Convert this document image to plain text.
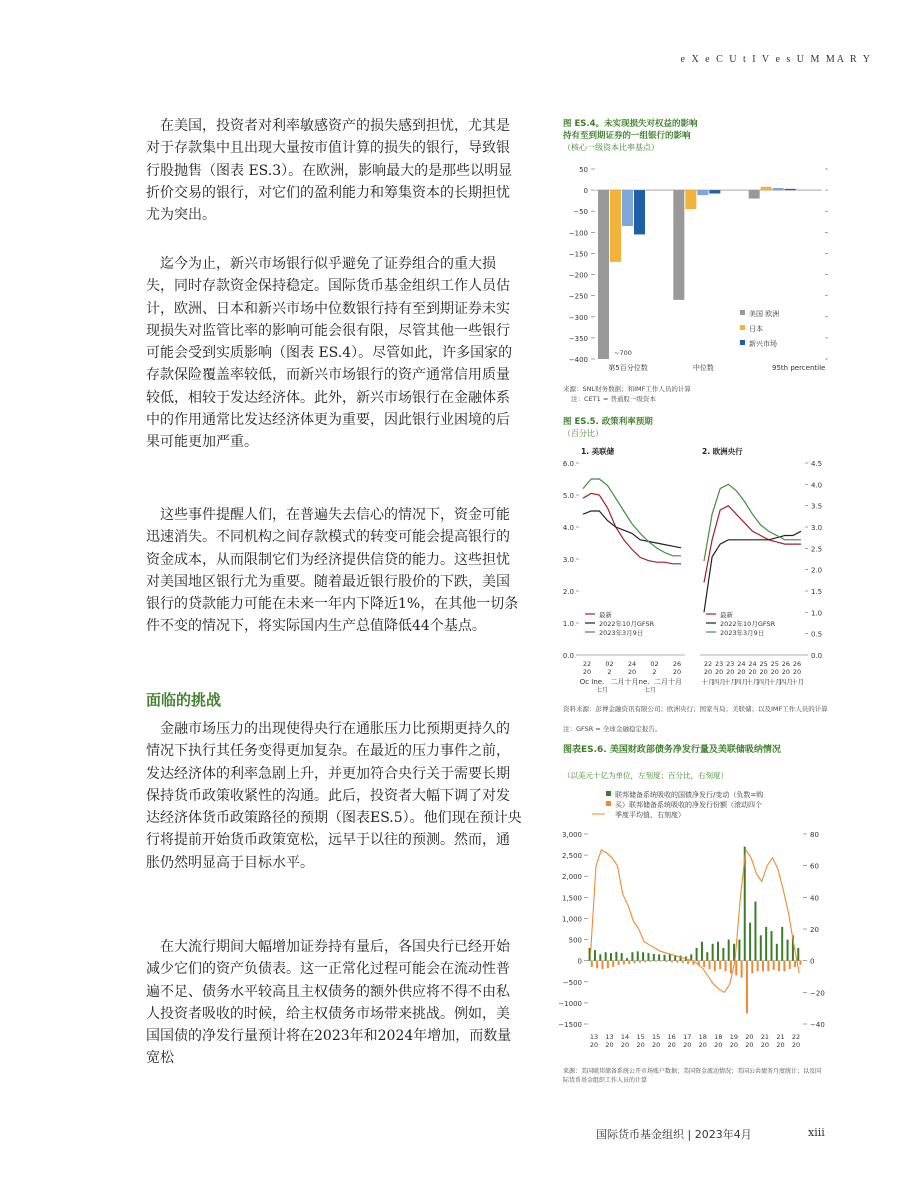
e X e C U t I V e s U M MA R Y

在美国，投资者对利率敏感资产的损失感到担忧，尤其是对于存款集中且出现大量按市值计算的损失的银行，导致银行股抛售（图表 ES.3）。在欧洲，影响最大的是那些以明显折价交易的银行，对它们的盈利能力和筹集资本的长期担忧尤为突出。

迄今为止，新兴市场银行似乎避免了证券组合的重大损失，同时存款资金保持稳定。国际货币基金组织工作人员估计，欧洲、日本和新兴市场中位数银行持有至到期证券未实现损失对监管比率的影响可能会很有限，尽管其他一些银行可能会受到实质影响（图表 ES.4）。尽管如此，许多国家的存款保险覆盖率较低，而新兴市场银行的资产通常信用质量较低，相较于发达经济体。此外，新兴市场银行在金融体系中的作用通常比发达经济体更为重要，因此银行业困境的后果可能更加严重。

这些事件提醒人们，在普遍失去信心的情况下，资金可能迅速消失。不同机构之间存款模式的转变可能会提高银行的资金成本，从而限制它们为经济提供信贷的能力。这些担忧对美国地区银行尤为重要。随着最近银行股价的下跌，美国银行的贷款能力可能在未来一年内下降近1%，在其他一切条件不变的情况下，将实际国内生产总值降低44个基点。

面临的挑战

金融市场压力的出现使得央行在通胀压力比预期更持久的情况下执行其任务变得更加复杂。在最近的压力事件之前，发达经济体的利率急剧上升，并更加符合央行关于需要长期保持货币政策收紧性的沟通。此后，投资者大幅下调了对发达经济体货币政策路径的预期（图表ES.5）。他们现在预计央行将提前开始货币政策宽松，远早于以往的预测。然而，通胀仍然明显高于目标水平。

在大流行期间大幅增加证券持有量后，各国央行已经开始减少它们的资产负债表。这一正常化过程可能会在流动性普遍不足、债务水平较高且主权债务的额外供应将不得不由私人投资者吸收的时候，给主权债务市场带来挑战。例如，美国国债的净发行量预计将在2023年和2024年增加，而数量宽松

图 ES.4。未实现损失对权益的影响
持有至到期证券的一组银行的影响
（核心一级资本比率基点）
50
0
−50
−100
−150
−200
−250
−300
−350
−400
第5百分位数	中位数	95th percentile
~700
美国 欧洲
日本
新兴市场
来源：SNL财务数据；和IMF工作人员的计算
注：CET1 = 普通股一级资本
图 ES.5. 政策利率预期
（百分比）
1. 美联储
6.0
5.0
4.0
3.0
2.0
1.0
0.0
最新
2022年10月GFSR
2023年3月9日
22
20
02
2
24
20
02
2
26
20
2. 欧洲央行
4.5
4.0
3.5
3.0
2.5
2.0
1.5
1.0
0.5
0.0
最新
2022年10月GFSR
2023年3月9日
22
20
23
20
23
20
24
20
24
20
25
20
25
20
26
20
26
20
Oc Ine. 二月十月ne. 二月十月
七月	七月
十月
四月
十月
四月
十月
四月
十月
四月
十月
资料来源：彭博金融资讯有限公司；欧洲央行；国家当局；美联储；以及IMF工作人员的计算
注：GFSR = 全球金融稳定报告。
图表ES.6. 美国财政部债务净发行量及美联储吸纳情况
（以美元十亿为单位，左刻度；百分比，右刻度）
联邦储备系统吸收的国债净发行/变动（负数=购
买）联邦储备系统吸收的净发行份额（滚动四个
季度平均值，右刻度）
3,000
2,500
2,000
1,500
1,000
500
0
−500
−1000
−1500
80
60
40
20
0
−20
−40
13
20
13
20
14
20
15
20
15
20
16
20
17
20
18
20
18
20
19
20
20
20
21
20
21
20
22
20
来源：美国联邦储备系统公开市场账户数据；美国资金流动情况；美国公共债务月度统计；以及国际货币基金组织工作人员的计算
国际货币基金组织 | 2023年4月	xiii
